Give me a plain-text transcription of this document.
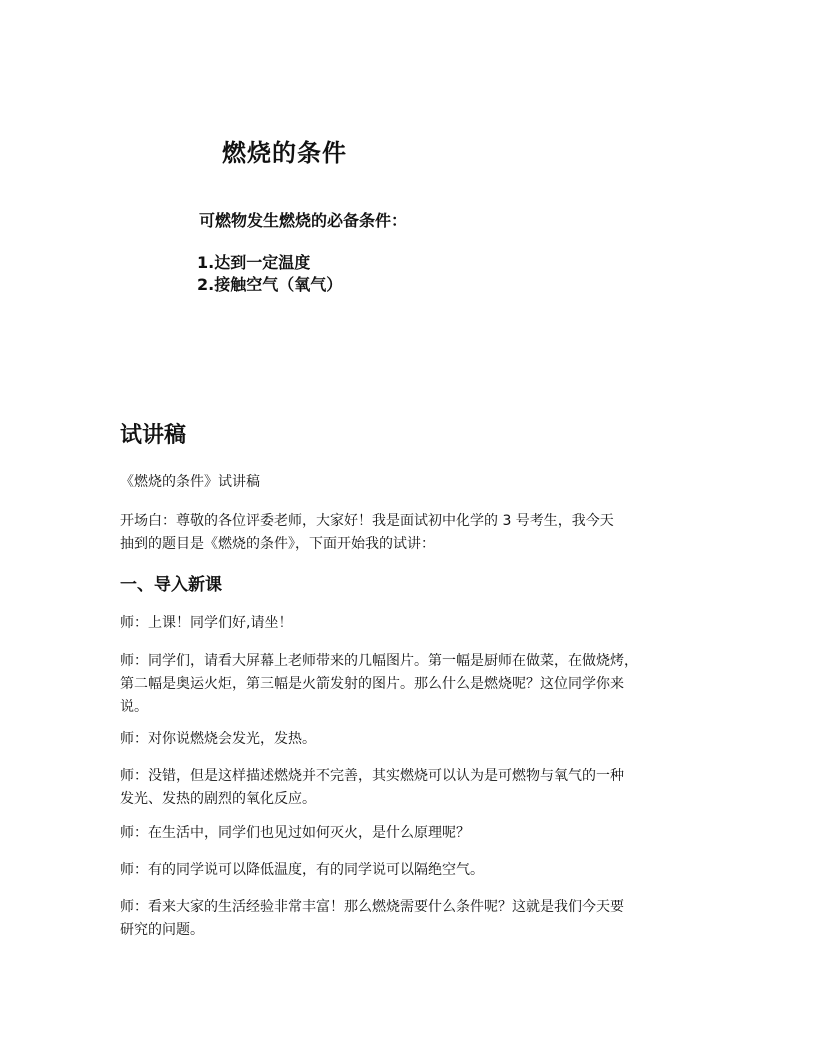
燃烧的条件
可燃物发生燃烧的必备条件：
1.达到一定温度
2.接触空气（氧气）
试讲稿

《燃烧的条件》试讲稿

开场白：尊敬的各位评委老师，大家好！我是面试初中化学的 3 号考生，我今天
抽到的题目是《燃烧的条件》，下面开始我的试讲：
一、导入新课

师：上课！同学们好,请坐！

师：同学们，请看大屏幕上老师带来的几幅图片。第一幅是厨师在做菜，在做烧烤，
第二幅是奥运火炬，第三幅是火箭发射的图片。那么什么是燃烧呢？这位同学你来
说。

师：对你说燃烧会发光，发热。

师：没错，但是这样描述燃烧并不完善，其实燃烧可以认为是可燃物与氧气的一种
发光、发热的剧烈的氧化反应。

师：在生活中，同学们也见过如何灭火，是什么原理呢？

师：有的同学说可以降低温度，有的同学说可以隔绝空气。

师：看来大家的生活经验非常丰富！那么燃烧需要什么条件呢？这就是我们今天要
研究的问题。
